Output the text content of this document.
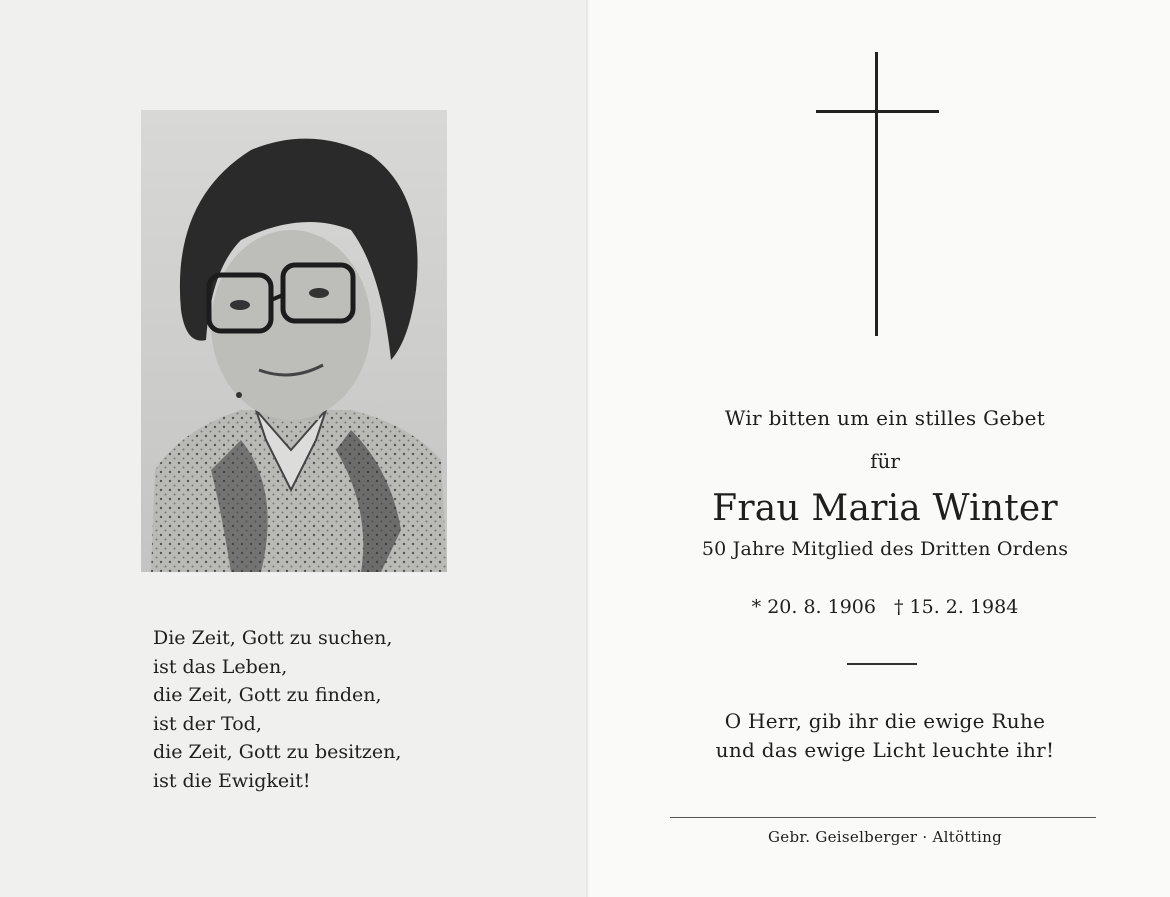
Die Zeit, Gott zu suchen,
ist das Leben,
die Zeit, Gott zu finden,
ist der Tod,
die Zeit, Gott zu besitzen,
ist die Ewigkeit!
Wir bitten um ein stilles Gebet
für
Frau Maria Winter
50 Jahre Mitglied des Dritten Ordens
* 20. 8. 1906 † 15. 2. 1984
O Herr, gib ihr die ewige Ruhe
und das ewige Licht leuchte ihr!
Gebr. Geiselberger · Altötting
